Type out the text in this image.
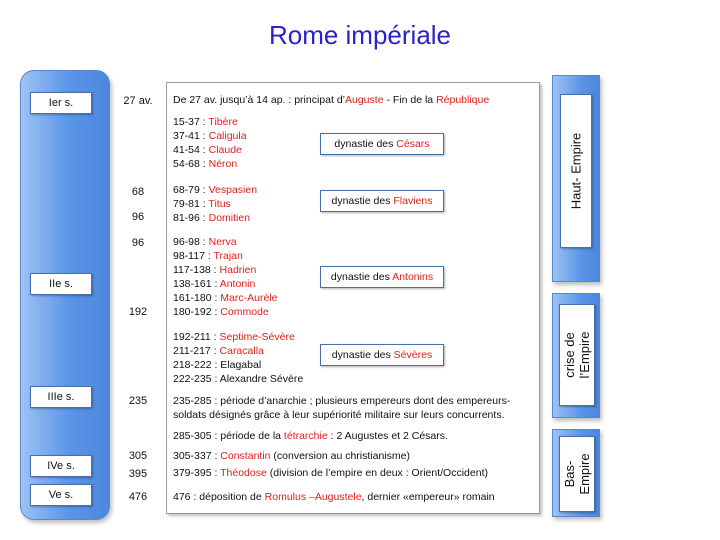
Rome impériale
Ier s.
IIe s.
IIIe s.
IVe s.
Ve s.
27 av.
68
96
96
192
235
305
395
476
De 27 av. jusqu’à 14 ap. : principat d’Auguste - Fin de la République
15-37 : Tibère
37-41 : Caligula
41-54 : Claude
54-68 : Néron
68-79 : Vespasien
79-81 : Titus
81-96 : Domitien
96-98 : Nerva
98-117 : Trajan
117-138 : Hadrien
138-161 : Antonin
161-180 : Marc-Aurèle
180-192 : Commode
192-211 : Septime-Sévère
211-217 : Caracalla
218-222 : Elagabal
222-235 : Alexandre Sévère
235-285 : période d’anarchie ; plusieurs empereurs dont des empereurs-
soldats désignés grâce à leur supériorité militaire sur leurs concurrents.
285-305 : période de la tétrarchie : 2 Augustes et 2 Césars.
305-337 : Constantin (conversion au christianisme)
379-395 : Théodose (division de l’empire en deux : Orient/Occident)
476 : déposition de Romulus –Augustele, dernier «empereur» romain
dynastie des Césars
dynastie des Flaviens
dynastie des Antonins
dynastie des Sévères
Haut- Empire
crise de
l’Empire
Bas-
Empire
